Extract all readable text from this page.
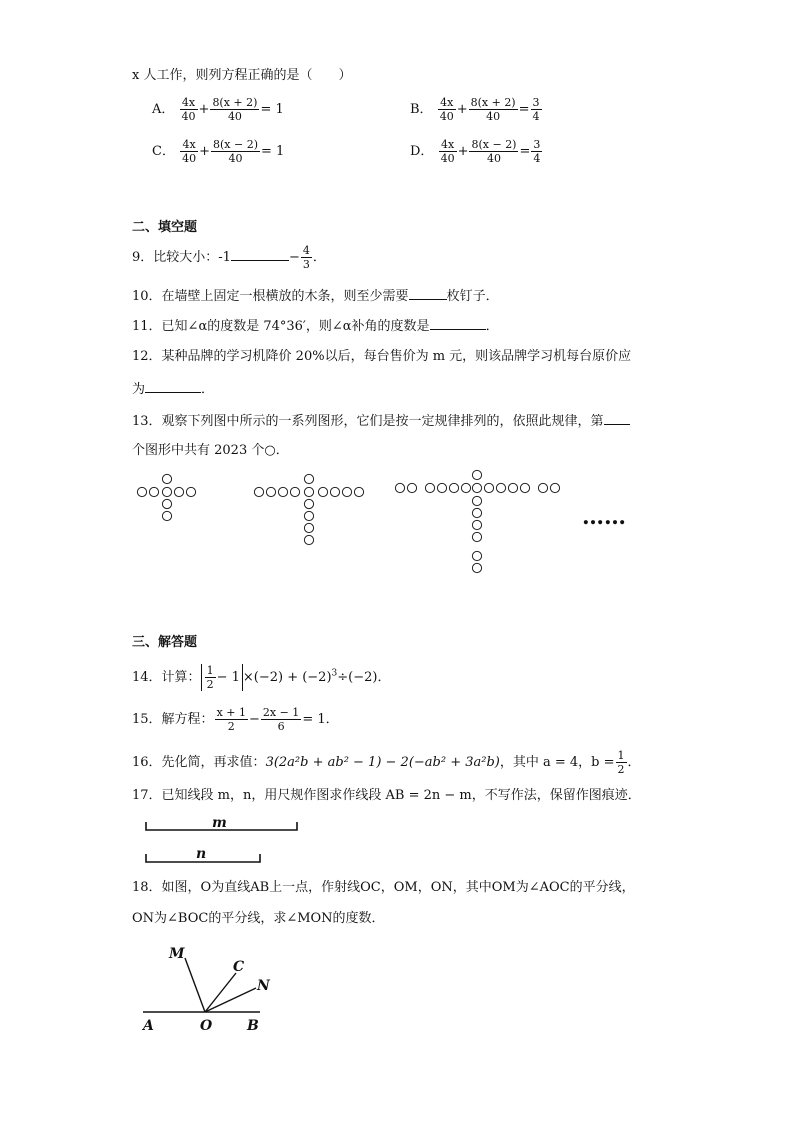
x 人工作，则列方程正确的是（　　）
A． $\frac{4x}{40} + \frac{8(x + 2)}{40} = 1$	B． $\frac{4x}{40} + \frac{8(x + 2)}{40} = \frac{3}{4}$
C． $\frac{4x}{40} + \frac{8(x - 2)}{40} = 1$	D． $\frac{4x}{40} + \frac{8(x - 2)}{40} = \frac{3}{4}$
二、填空题
9．比较大小：-1	− $\frac{4}{3}$ ．
10．在墙壁上固定一根横放的木条，则至少需要	枚钉子．
11．已知∠α的度数是 74°36′，则∠α补角的度数是	．
12．某种品牌的学习机降价 20%以后，每台售价为 m 元，则该品牌学习机每台原价应
为	．
13．观察下列图中所示的一系列图形，它们是按一定规律排列的，依照此规律，第
个图形中共有 2023 个○．
……
三、解答题
14．计算： $\frac{1}{2} - 1 \times(-2) + (-2)^3\div(-2)$．
15．解方程： $\frac{x + 1}{2} - \frac{2x - 1}{6} = 1$．
16．先化简，再求值：3(2a²b + ab² − 1) − 2(−ab² + 3a²b)，其中 a = 4，$b = \frac{1}{2}$ ．
17．已知线段 m，n，用尺规作图求作线段 AB = 2n − m，不写作法，保留作图痕迹．
m
n
18．如图，O为直线AB上一点，作射线OC，OM，ON，其中OM为∠AOC的平分线，
ON为∠BOC的平分线，求∠MON的度数．
M
C
N
A	O B
